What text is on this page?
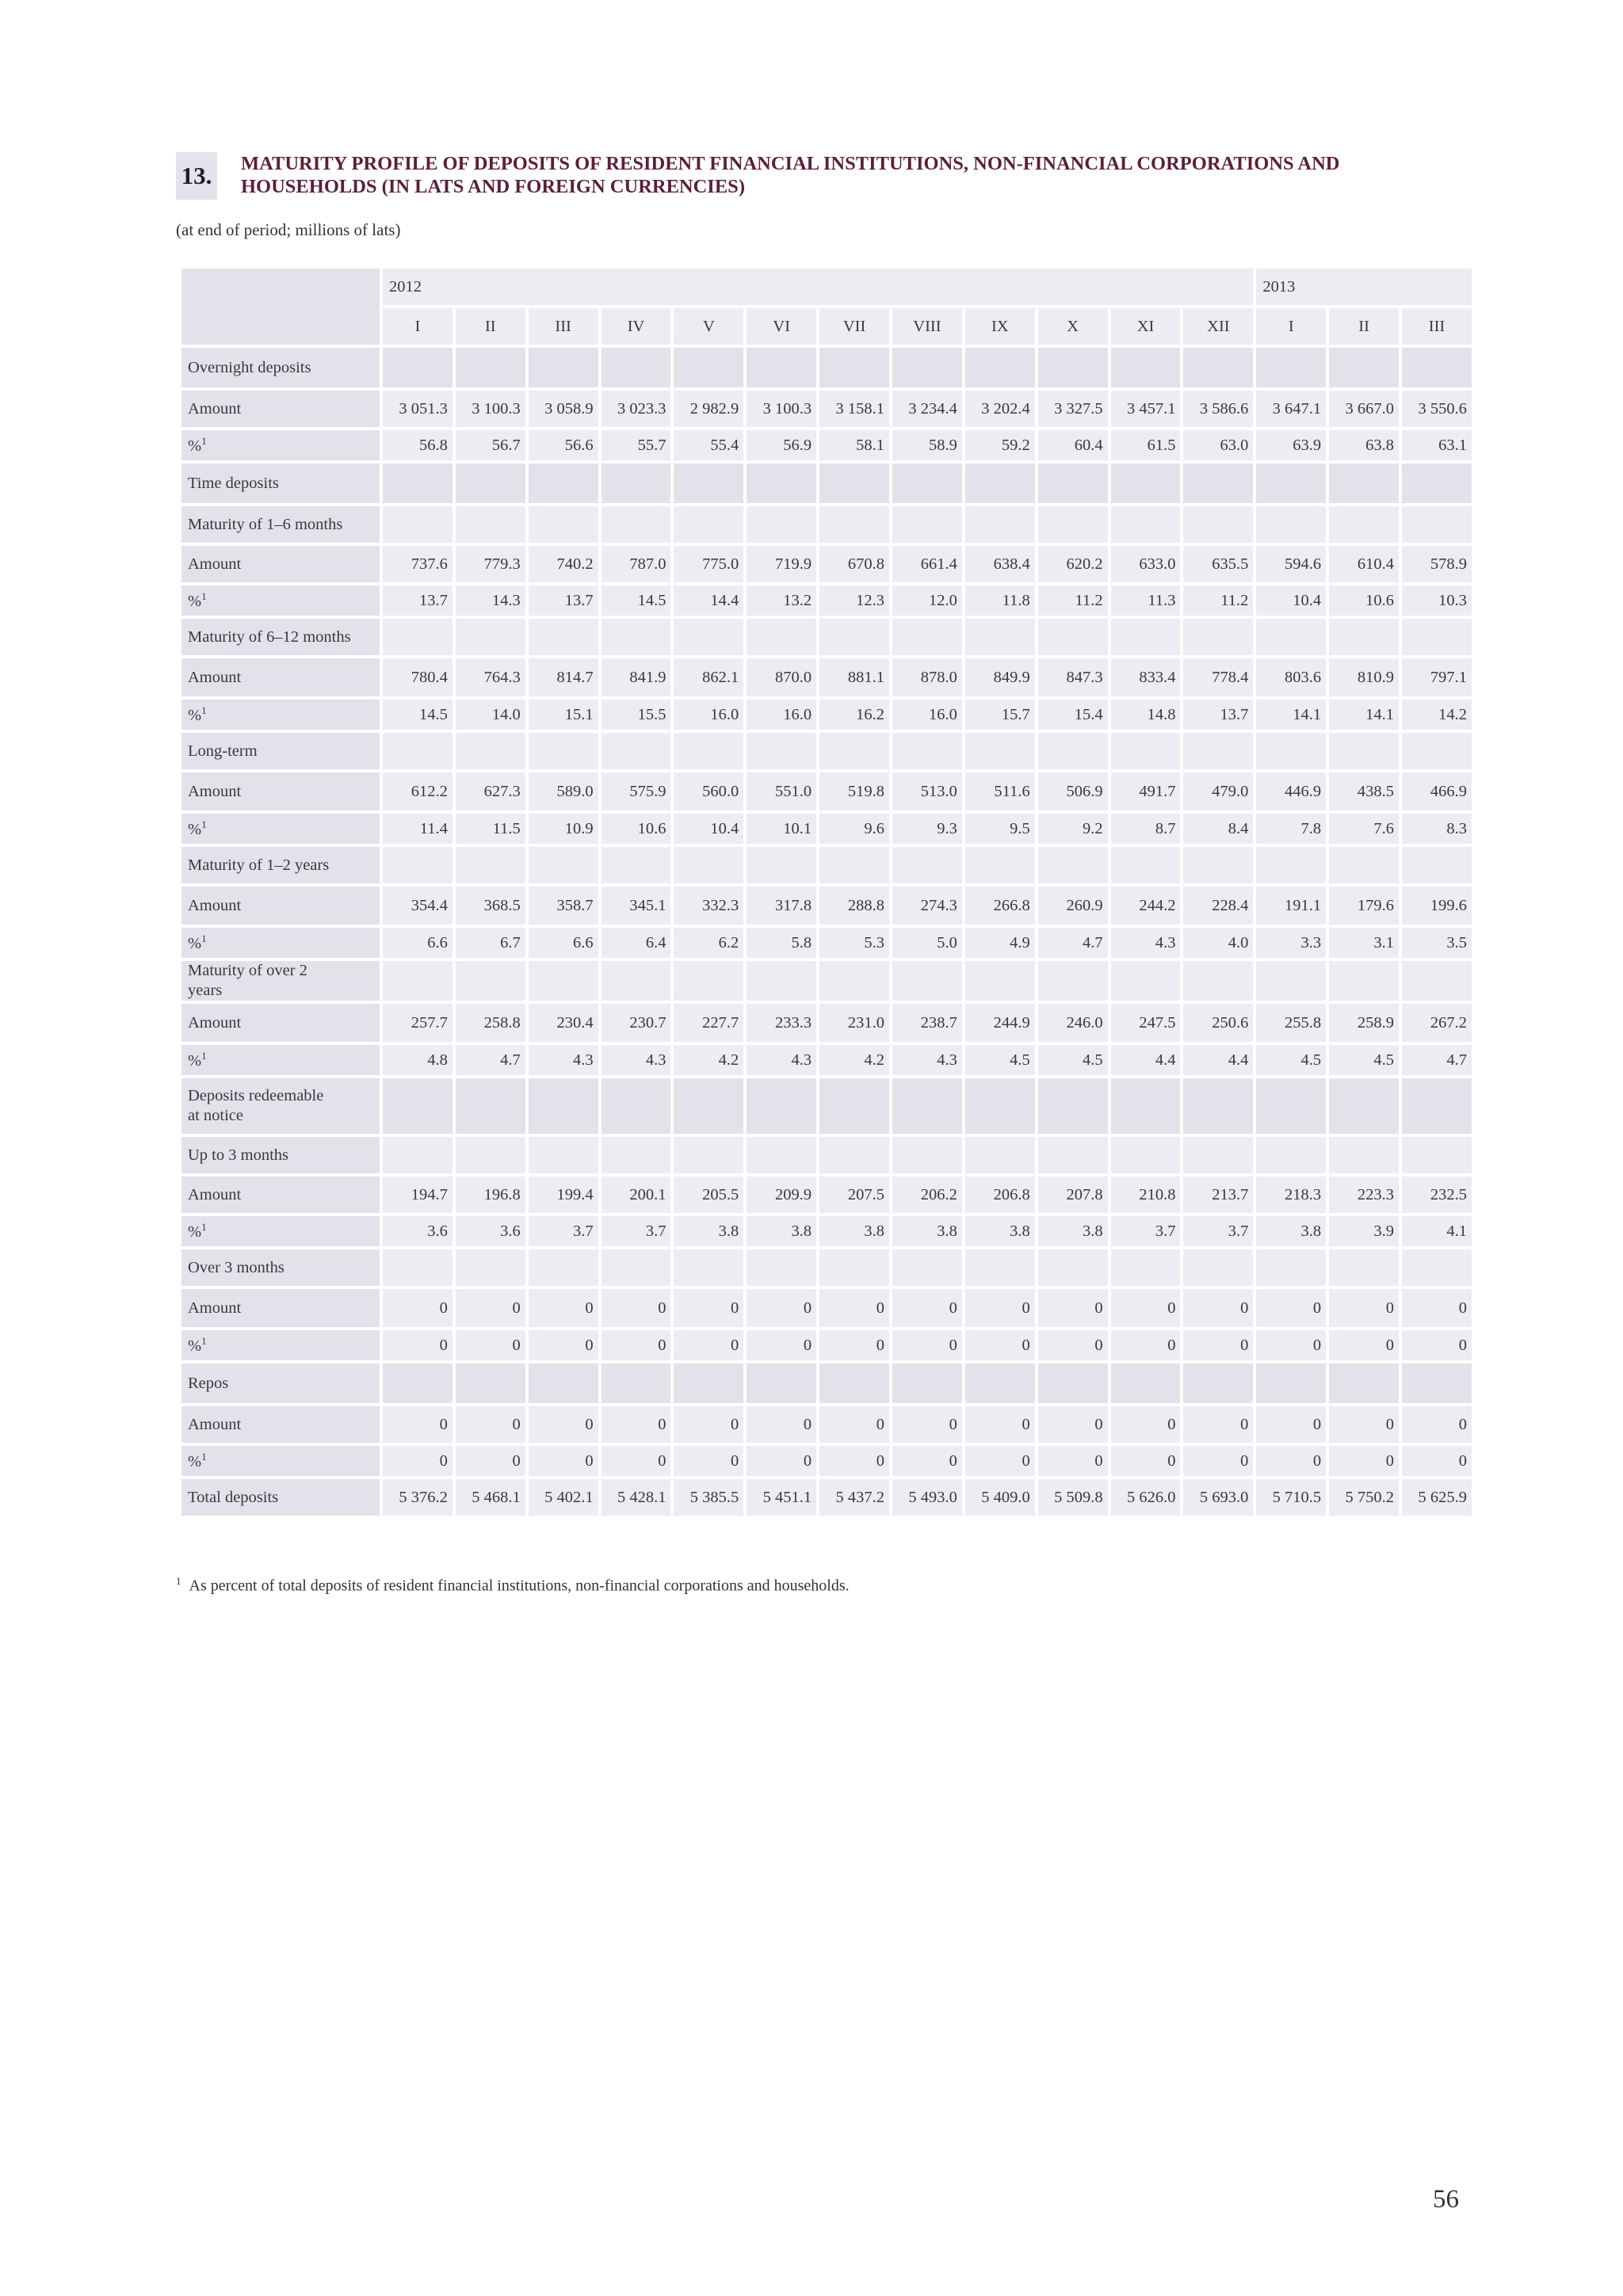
13. MATURITY PROFILE OF DEPOSITS OF RESIDENT FINANCIAL INSTITUTIONS, NON-FINANCIAL CORPORATIONS AND
HOUSEHOLDS (IN LATS AND FOREIGN CURRENCIES)
(at end of period; millions of lats)
	2012												2013		
	I	II	III	IV	V	VI	VII	VIII	IX	X	XI	XII	I	II	III
Overnight deposits															
Amount	3 051.3	3 100.3	3 058.9	3 023.3	2 982.9	3 100.3	3 158.1	3 234.4	3 202.4	3 327.5	3 457.1	3 586.6	3 647.1	3 667.0	3 550.6
%$^1$	56.8	56.7	56.6	55.7	55.4	56.9	58.1	58.9	59.2	60.4	61.5	63.0	63.9	63.8	63.1
Time deposits															
Maturity of 1–6 months															
Amount	737.6	779.3	740.2	787.0	775.0	719.9	670.8	661.4	638.4	620.2	633.0	635.5	594.6	610.4	578.9
%$^1$	13.7	14.3	13.7	14.5	14.4	13.2	12.3	12.0	11.8	11.2	11.3	11.2	10.4	10.6	10.3
Maturity of 6–12 months															
Amount	780.4	764.3	814.7	841.9	862.1	870.0	881.1	878.0	849.9	847.3	833.4	778.4	803.6	810.9	797.1
%$^1$	14.5	14.0	15.1	15.5	16.0	16.0	16.2	16.0	15.7	15.4	14.8	13.7	14.1	14.1	14.2
Long-term															
Amount	612.2	627.3	589.0	575.9	560.0	551.0	519.8	513.0	511.6	506.9	491.7	479.0	446.9	438.5	466.9
%$^1$	11.4	11.5	10.9	10.6	10.4	10.1	9.6	9.3	9.5	9.2	8.7	8.4	7.8	7.6	8.3
Maturity of 1–2 years															
Amount	354.4	368.5	358.7	345.1	332.3	317.8	288.8	274.3	266.8	260.9	244.2	228.4	191.1	179.6	199.6
%$^1$	6.6	6.7	6.6	6.4	6.2	5.8	5.3	5.0	4.9	4.7	4.3	4.0	3.3	3.1	3.5
Maturity of over 2 years															
Amount	257.7	258.8	230.4	230.7	227.7	233.3	231.0	238.7	244.9	246.0	247.5	250.6	255.8	258.9	267.2
%$^1$	4.8	4.7	4.3	4.3	4.2	4.3	4.2	4.3	4.5	4.5	4.4	4.4	4.5	4.5	4.7
Deposits redeemable at notice															
Up to 3 months															
Amount	194.7	196.8	199.4	200.1	205.5	209.9	207.5	206.2	206.8	207.8	210.8	213.7	218.3	223.3	232.5
%$^1$	3.6	3.6	3.7	3.7	3.8	3.8	3.8	3.8	3.8	3.8	3.7	3.7	3.8	3.9	4.1
Over 3 months															
Amount	0	0	0	0	0	0	0	0	0	0	0	0	0	0	0
%$^1$	0	0	0	0	0	0	0	0	0	0	0	0	0	0	0
Repos															
Amount	0	0	0	0	0	0	0	0	0	0	0	0	0	0	0
%$^1$	0	0	0	0	0	0	0	0	0	0	0	0	0	0	0
Total deposits	5 376.2	5 468.1	5 402.1	5 428.1	5 385.5	5 451.1	5 437.2	5 493.0	5 409.0	5 509.8	5 626.0	5 693.0	5 710.5	5 750.2	5 625.9
$^1$ As percent of total deposits of resident financial institutions, non-financial corporations and households.
56
